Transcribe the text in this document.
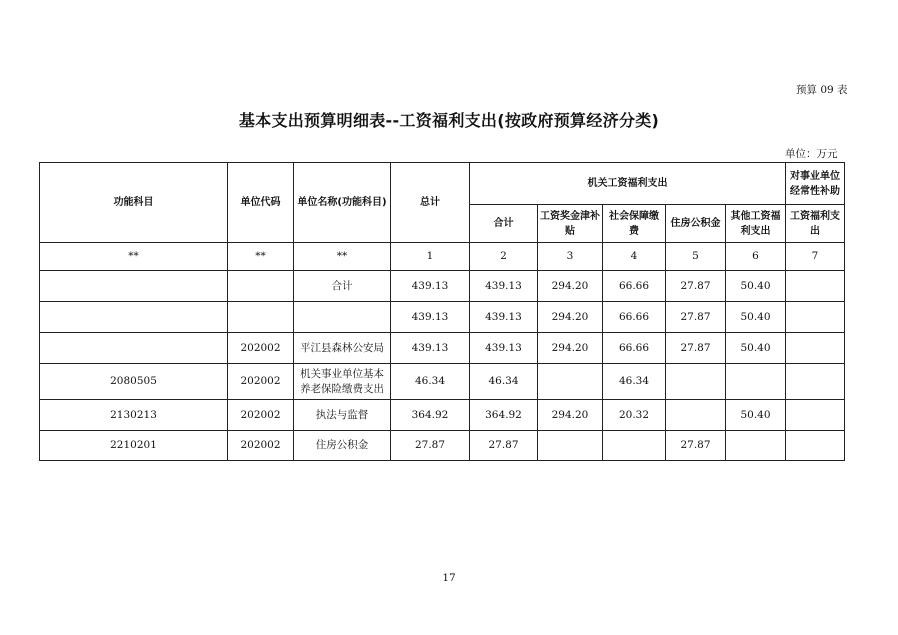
预算 09 表
基本支出预算明细表--工资福利支出(按政府预算经济分类)
单位：万元
功能科目	单位代码	单位名称(功能科目)	总计	机关工资福利支出					对事业单位经常性补助
				合计	工资奖金津补贴	社会保障缴费	住房公积金	其他工资福利支出	工资福利支出
**	**	**	1	2	3	4	5	6	7
		合计	439.13	439.13	294.20	66.66	27.87	50.40	
			439.13	439.13	294.20	66.66	27.87	50.40	
	202002	平江县森林公安局	439.13	439.13	294.20	66.66	27.87	50.40	
2080505	202002	机关事业单位基本养老保险缴费支出	46.34	46.34		46.34			
2130213	202002	执法与监督	364.92	364.92	294.20	20.32		50.40	
2210201	202002	住房公积金	27.87	27.87			27.87		
17
